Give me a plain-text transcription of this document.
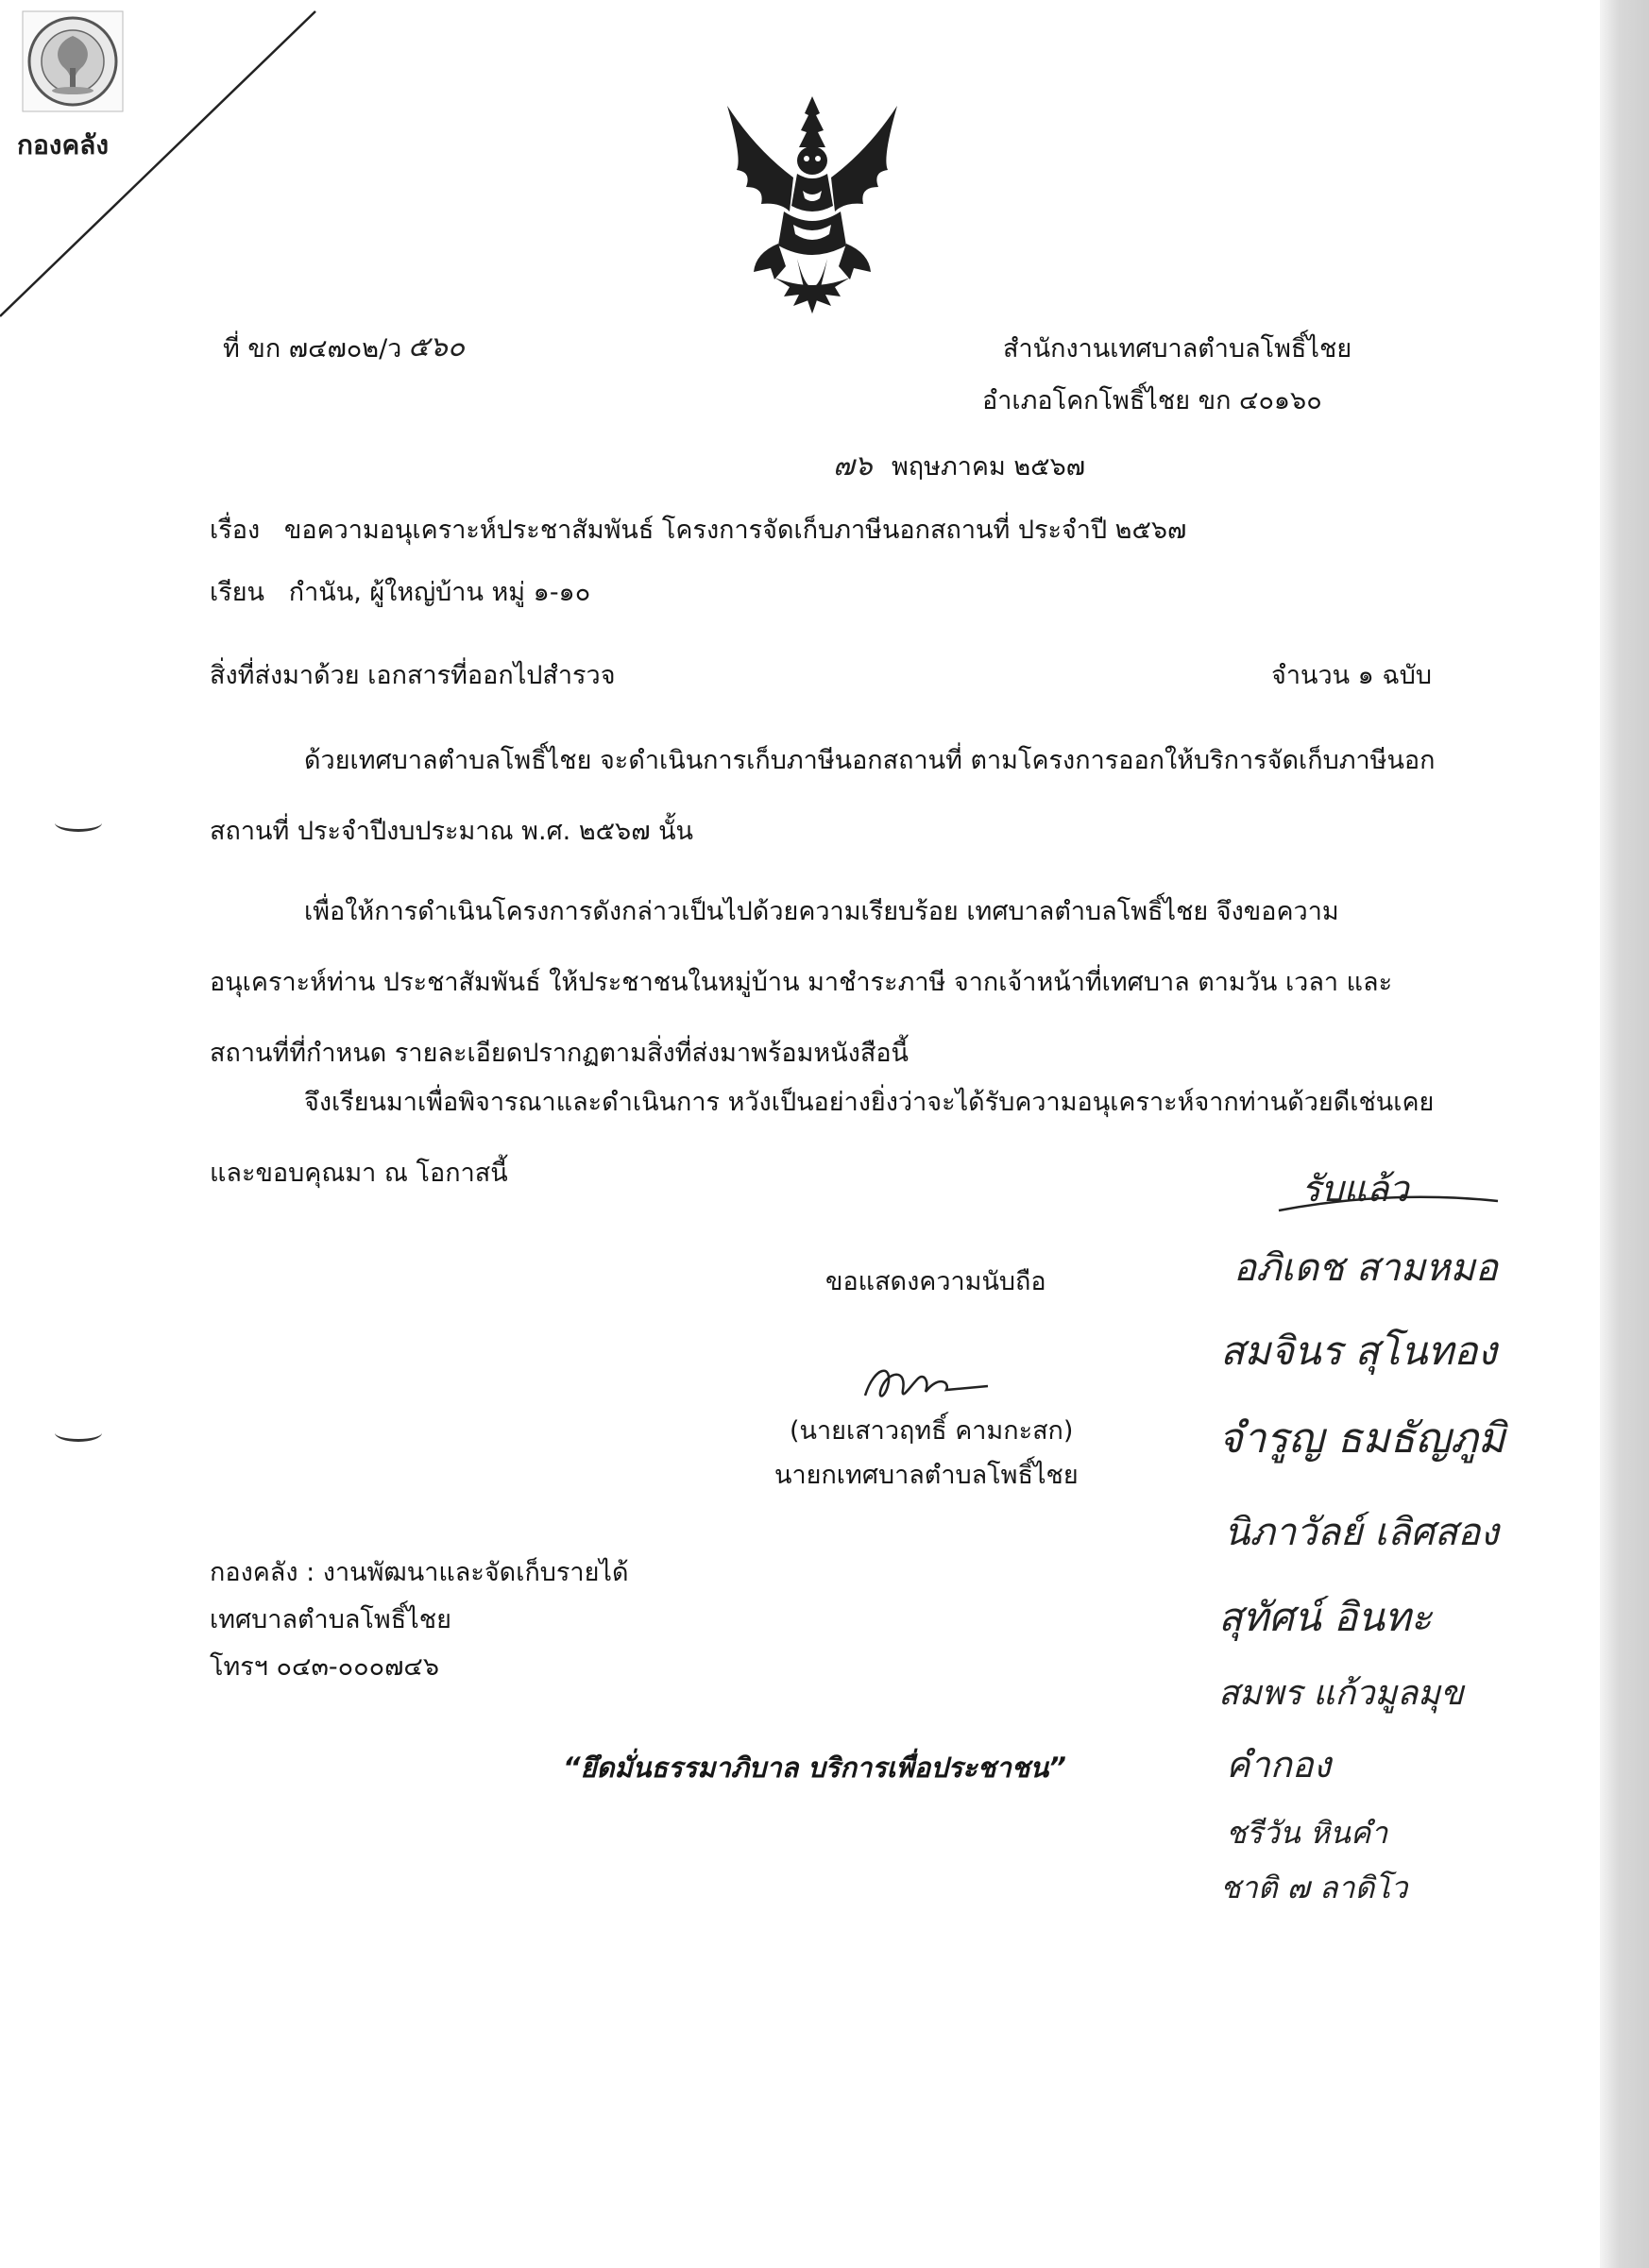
กองคลัง
ที่ ขก ๗๔๗๐๒/ว ๕๖๐	สำนักงานเทศบาลตำบลโพธิ์ไชย
อำเภอโคกโพธิ์ไชย ขก ๔๐๑๖๐
๗๖ พฤษภาคม ๒๕๖๗
เรื่อง ขอความอนุเคราะห์ประชาสัมพันธ์ โครงการจัดเก็บภาษีนอกสถานที่ ประจำปี ๒๕๖๗
เรียน กำนัน, ผู้ใหญ่บ้าน หมู่ ๑-๑๐
สิ่งที่ส่งมาด้วย เอกสารที่ออกไปสำรวจ	จำนวน ๑ ฉบับ
ด้วยเทศบาลตำบลโพธิ์ไชย จะดำเนินการเก็บภาษีนอกสถานที่ ตามโครงการออกให้บริการจัดเก็บภาษีนอกสถานที่ ประจำปีงบประมาณ พ.ศ. ๒๕๖๗ นั้น
เพื่อให้การดำเนินโครงการดังกล่าวเป็นไปด้วยความเรียบร้อย เทศบาลตำบลโพธิ์ไชย จึงขอความอนุเคราะห์ท่าน ประชาสัมพันธ์ ให้ประชาชนในหมู่บ้าน มาชำระภาษี จากเจ้าหน้าที่เทศบาล ตามวัน เวลา และสถานที่ที่กำหนด รายละเอียดปรากฏตามสิ่งที่ส่งมาพร้อมหนังสือนี้
จึงเรียนมาเพื่อพิจารณาและดำเนินการ หวังเป็นอย่างยิ่งว่าจะได้รับความอนุเคราะห์จากท่านด้วยดีเช่นเคยและขอบคุณมา ณ โอกาสนี้	รับแล้ว
ขอแสดงความนับถือ
(นายเสาวฤทธิ์ คามกะสก)
นายกเทศบาลตำบลโพธิ์ไชย
กองคลัง : งานพัฒนาและจัดเก็บรายได้
เทศบาลตำบลโพธิ์ไชย
โทรฯ ๐๔๓-๐๐๐๗๔๖
“ยึดมั่นธรรมาภิบาล บริการเพื่อประชาชน”
อภิเดช สามหมอ
สมจินร สุโนทอง
จำรูญ ธมธัญภูมิ
นิภาวัลย์ เลิศสอง
สุทัศน์ อินทะ
สมพร แก้วมูลมุข
คำกอง
ชรีวัน หินคำ
ชาติ ๗ ลาดิโว
